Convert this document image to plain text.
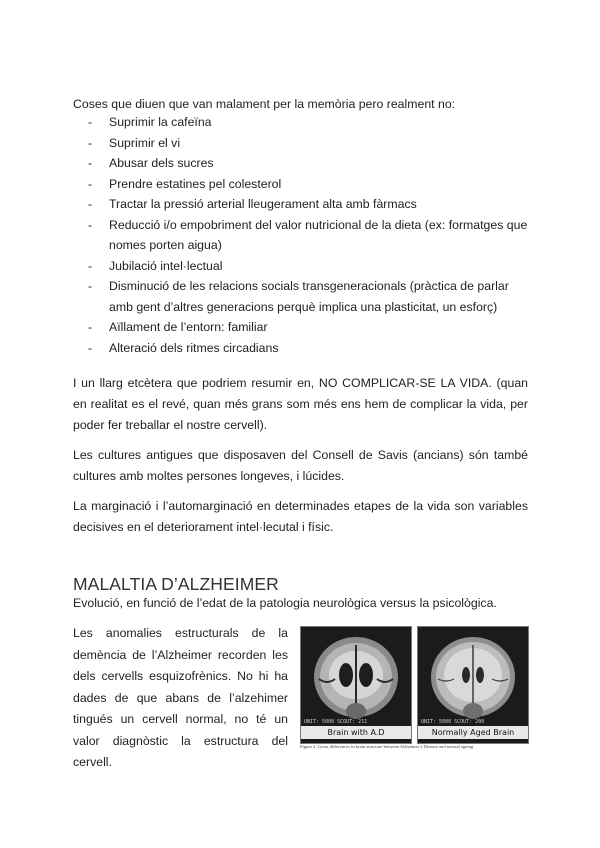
Coses que diuen que van malament per la memòria pero realment no:

- Suprimir la cafeïna
- Suprimir el vi
- Abusar dels sucres
- Prendre estatines pel colesterol
- Tractar la pressió arterial lleugerament alta amb fàrmacs
- Reducció i/o empobriment del valor nutricional de la dieta (ex: formatges que nomes porten aigua)
- Jubilació intel·lectual
- Disminució de les relacions socials transgeneracionals (pràctica de parlar amb gent d’altres generacions perquè implica una plasticitat, un esforç)
- Aïllament de l’entorn: familiar
- Alteració dels ritmes circadians

I un llarg etcètera que podriem resumir en, NO COMPLICAR-SE LA VIDA. (quan en realitat es el revé, quan més grans som més ens hem de complicar la vida, per poder fer treballar el nostre cervell).

Les cultures antigues que disposaven del Consell de Savis (ancians) són també cultures amb moltes persones longeves, i lúcides.

La marginació i l’automarginació en determinades etapes de la vida son variables decisives en el deteriorament intel·lecutal i físic.

MALALTIA D’ALZHEIMER

Evolució, en funció de l’edat de la patologia neurològica versus la psicològica.

Les anomalies estructurals de la demència de l’Alzheimer recorden les dels cervells esquizofrènics. No hi ha dades de que abans de l’alzehimer tingués un cervell normal, no té un valor diagnòstic la estructura del cervell.

UNIT: 5000 SCOUT: 211
Brain with A.D
UNIT: 5000 SCOUT: 200
Normally Aged Brain
Figure 2. Gross differences in brain structure between Alzheimer’s Disease and normal ageing
